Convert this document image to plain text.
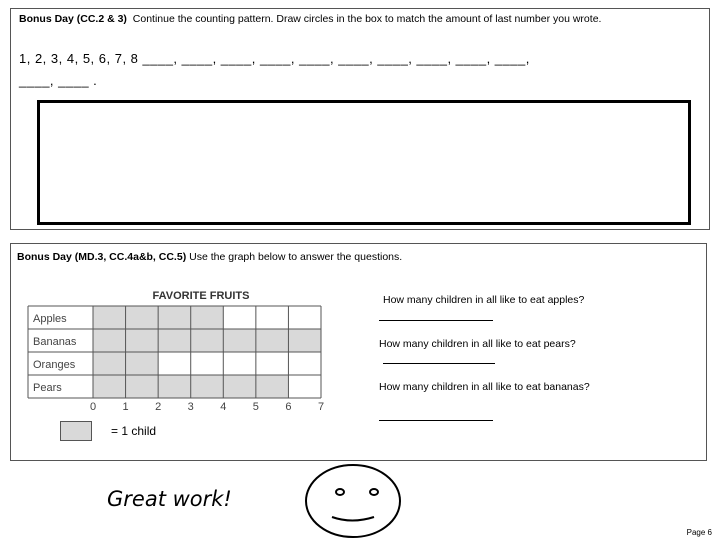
Bonus Day (CC.2 & 3) Continue the counting pattern. Draw circles in the box to match the amount of last number you wrote.
1, 2, 3, 4, 5, 6, 7, 8 ____, ____, ____, ____, ____, ____, ____, ____, ____, ____,
____, ____ .
Bonus Day (MD.3, CC.4a&b, CC.5) Use the graph below to answer the questions.
FAVORITE FRUITS
Apples
Bananas
Oranges
Pears
0 1 2 3 4 5 6 7
= 1 child
How many children in all like to eat apples?
How many children in all like to eat pears?
How many children in all like to eat bananas?
Great work!
Page 6
